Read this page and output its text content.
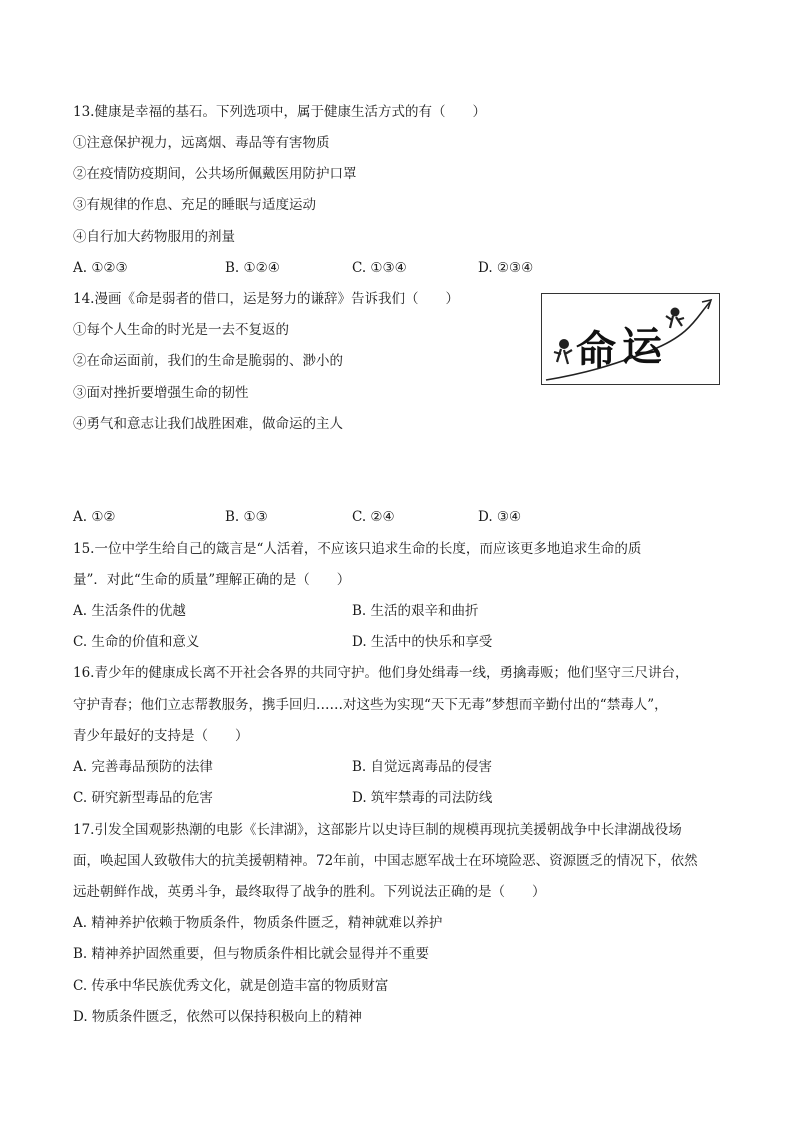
13.健康是幸福的基石。下列选项中，属于健康生活方式的有（　　）
①注意保护视力，远离烟、毒品等有害物质
②在疫情防疫期间，公共场所佩戴医用防护口罩
③有规律的作息、充足的睡眠与适度运动
④自行加大药物服用的剂量
A. ①②③	B. ①②④	C. ①③④	D. ②③④
14.漫画《命是弱者的借口，运是努力的谦辞》告诉我们（　　）
①每个人生命的时光是一去不复返的
②在命运面前，我们的生命是脆弱的、渺小的
③面对挫折要增强生命的韧性
④勇气和意志让我们战胜困难，做命运的主人
命 运
A. ①②	B. ①③	C. ②④	D. ③④
15.一位中学生给自己的箴言是“人活着，不应该只追求生命的长度，而应该更多地追求生命的质
量”．对此“生命的质量”理解正确的是（　　）
A. 生活条件的优越	B. 生活的艰辛和曲折
C. 生命的价值和意义	D. 生活中的快乐和享受
16.青少年的健康成长离不开社会各界的共同守护。他们身处缉毒一线，勇擒毒贩；他们坚守三尺讲台，
守护青春；他们立志帮教服务，携手回归……对这些为实现“天下无毒”梦想而辛勤付出的“禁毒人”，
青少年最好的支持是（　　）
A. 完善毒品预防的法律	B. 自觉远离毒品的侵害
C. 研究新型毒品的危害	D. 筑牢禁毒的司法防线
17.引发全国观影热潮的电影《长津湖》，这部影片以史诗巨制的规模再现抗美援朝战争中长津湖战役场
面，唤起国人致敬伟大的抗美援朝精神。72年前，中国志愿军战士在环境险恶、资源匮乏的情况下，依然
远赴朝鲜作战，英勇斗争，最终取得了战争的胜利。下列说法正确的是（　　）
A. 精神养护依赖于物质条件，物质条件匮乏，精神就难以养护
B. 精神养护固然重要，但与物质条件相比就会显得并不重要
C. 传承中华民族优秀文化，就是创造丰富的物质财富
D. 物质条件匮乏，依然可以保持积极向上的精神
